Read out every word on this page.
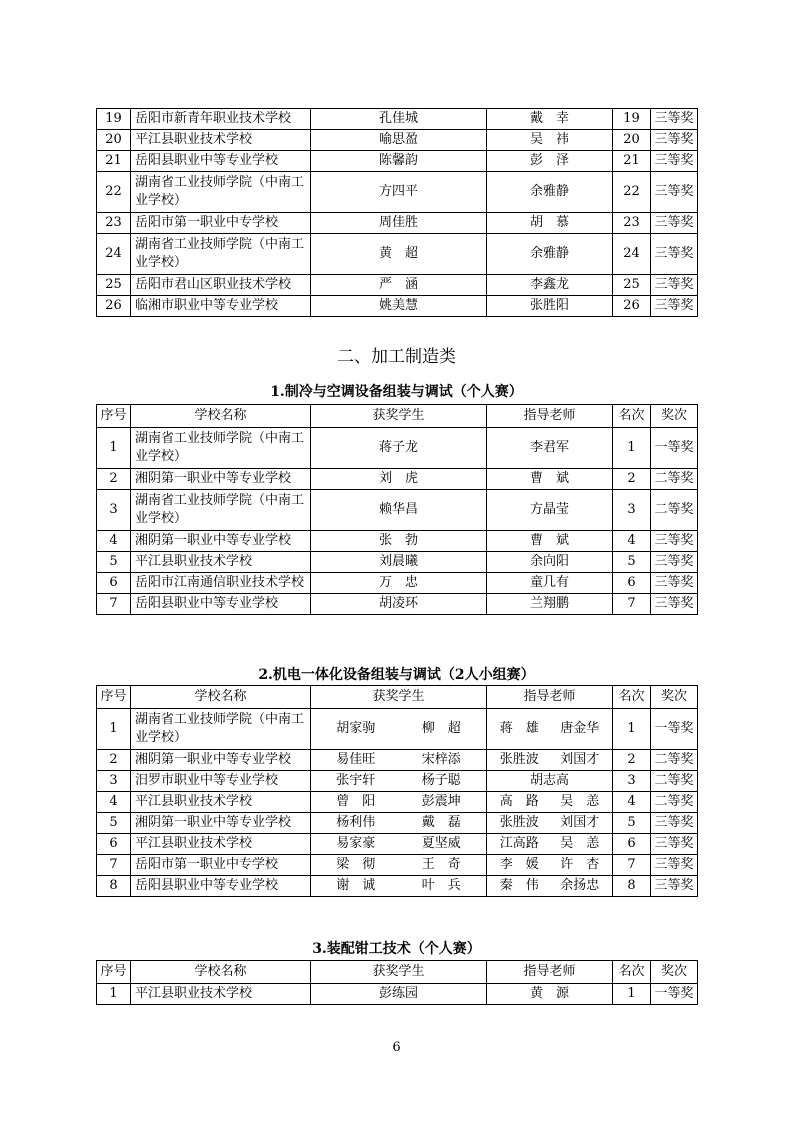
19	岳阳市新青年职业技术学校	孔佳城	戴　幸	19	三等奖
20	平江县职业技术学校	喻思盈	吴　祎	20	三等奖
21	岳阳县职业中等专业学校	陈馨韵	彭　泽	21	三等奖
22	湖南省工业技师学院（中南工业学校）	方四平	余雅静	22	三等奖
23	岳阳市第一职业中专学校	周佳胜	胡　慕	23	三等奖
24	湖南省工业技师学院（中南工业学校）	黄　超	余雅静	24	三等奖
25	岳阳市君山区职业技术学校	严　涵	李鑫龙	25	三等奖
26	临湘市职业中等专业学校	姚美慧	张胜阳	26	三等奖
二、加工制造类
1.制冷与空调设备组装与调试（个人赛）
序号	学校名称	获奖学生	指导老师	名次	奖次
1	湖南省工业技师学院（中南工业学校）	蒋子龙	李君军	1	一等奖
2	湘阴第一职业中等专业学校	刘　虎	曹　斌	2	二等奖
3	湖南省工业技师学院（中南工业学校）	赖华昌	方晶莹	3	二等奖
4	湘阴第一职业中等专业学校	张　勃	曹　斌	4	三等奖
5	平江县职业技术学校	刘晨曦	余向阳	5	三等奖
6	岳阳市江南通信职业技术学校	万　忠	童几有	6	三等奖
7	岳阳县职业中等专业学校	胡凌环	兰翔鹏	7	三等奖
2.机电一体化设备组装与调试（2人小组赛）
序号	学校名称	获奖学生	指导老师	名次	奖次
1	湖南省工业技师学院（中南工业学校）	胡家驹 柳　超	蒋　雄 唐金华	1	一等奖
2	湘阴第一职业中等专业学校	易佳旺 宋梓添	张胜波 刘国才	2	二等奖
3	汨罗市职业中等专业学校	张宇轩 杨子聪	胡志高	3	二等奖
4	平江县职业技术学校	曾　阳 彭震坤	高　路 吴　恙	4	二等奖
5	湘阴第一职业中等专业学校	杨利伟 戴　磊	张胜波 刘国才	5	三等奖
6	平江县职业技术学校	易家豪 夏坚威	江高路 吴　恙	6	三等奖
7	岳阳市第一职业中专学校	梁　彻 王　奇	李　媛 许　杏	7	三等奖
8	岳阳县职业中等专业学校	谢　诚 叶　兵	秦　伟 余扬忠	8	三等奖
3.装配钳工技术（个人赛）
序号	学校名称	获奖学生	指导老师	名次	奖次
1	平江县职业技术学校	彭练园	黄　源	1	一等奖
6
